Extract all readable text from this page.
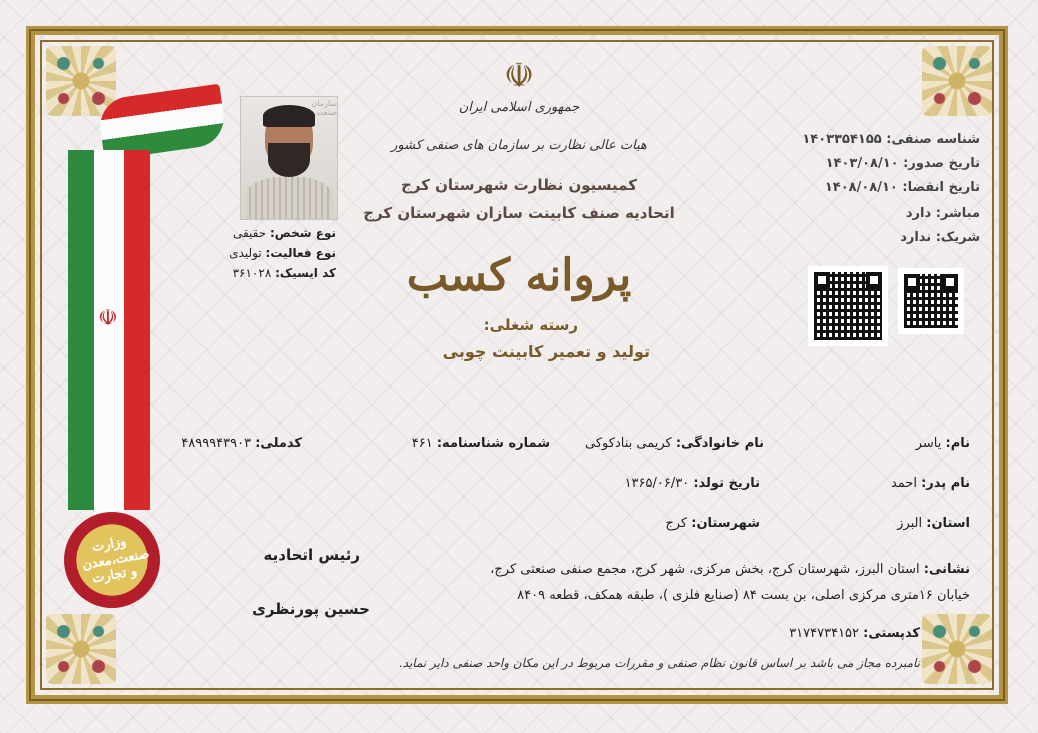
☫
وزارت صنعت،معدن و تجارت
سازمان صنعت
نوع شخص: حقیقی
نوع فعالیت: تولیدی
کد ایسیک: ۳۶۱۰۲۸
☫
جمهوری اسلامی ایران
هیات عالی نظارت بر سازمان های صنفی کشور
کمیسیون نظارت شهرستان کرج
اتحادیه صنف کابینت سازان شهرستان کرج
پروانه کسب
رسته شغلی:
تولید و تعمیر کابینت چوبی
شناسه صنفی: ۱۴۰۳۳۵۴۱۵۵
تاریخ صدور: ۱۴۰۳/۰۸/۱۰
تاریخ انقضا: ۱۴۰۸/۰۸/۱۰
مباشر: دارد
شریک: ندارد
نام: یاسر
نام خانوادگی: کریمی بنادکوکی
شماره شناسنامه: ۴۶۱
کدملی: ۴۸۹۹۹۴۳۹۰۳
نام پدر: احمد
تاریخ تولد: ۱۳۶۵/۰۶/۳۰
استان: البرز
شهرستان: کرج
رئیس اتحادیه
حسین پورنظری
نشانی: استان البرز، شهرستان کرج، بخش مرکزی، شهر کرج، مجمع صنفی صنعتی کرج،
خیابان ۱۶متری مرکزی اصلی، بن بست ۸۴ (صنایع فلزی )، طبقه همکف، قطعه ۸۴۰۹
کدپستی: ۳۱۷۴۷۳۴۱۵۲
نامبرده مجاز می باشد بر اساس قانون نظام صنفی و مقررات مربوط در این مکان واحد صنفی دایر نماید.
